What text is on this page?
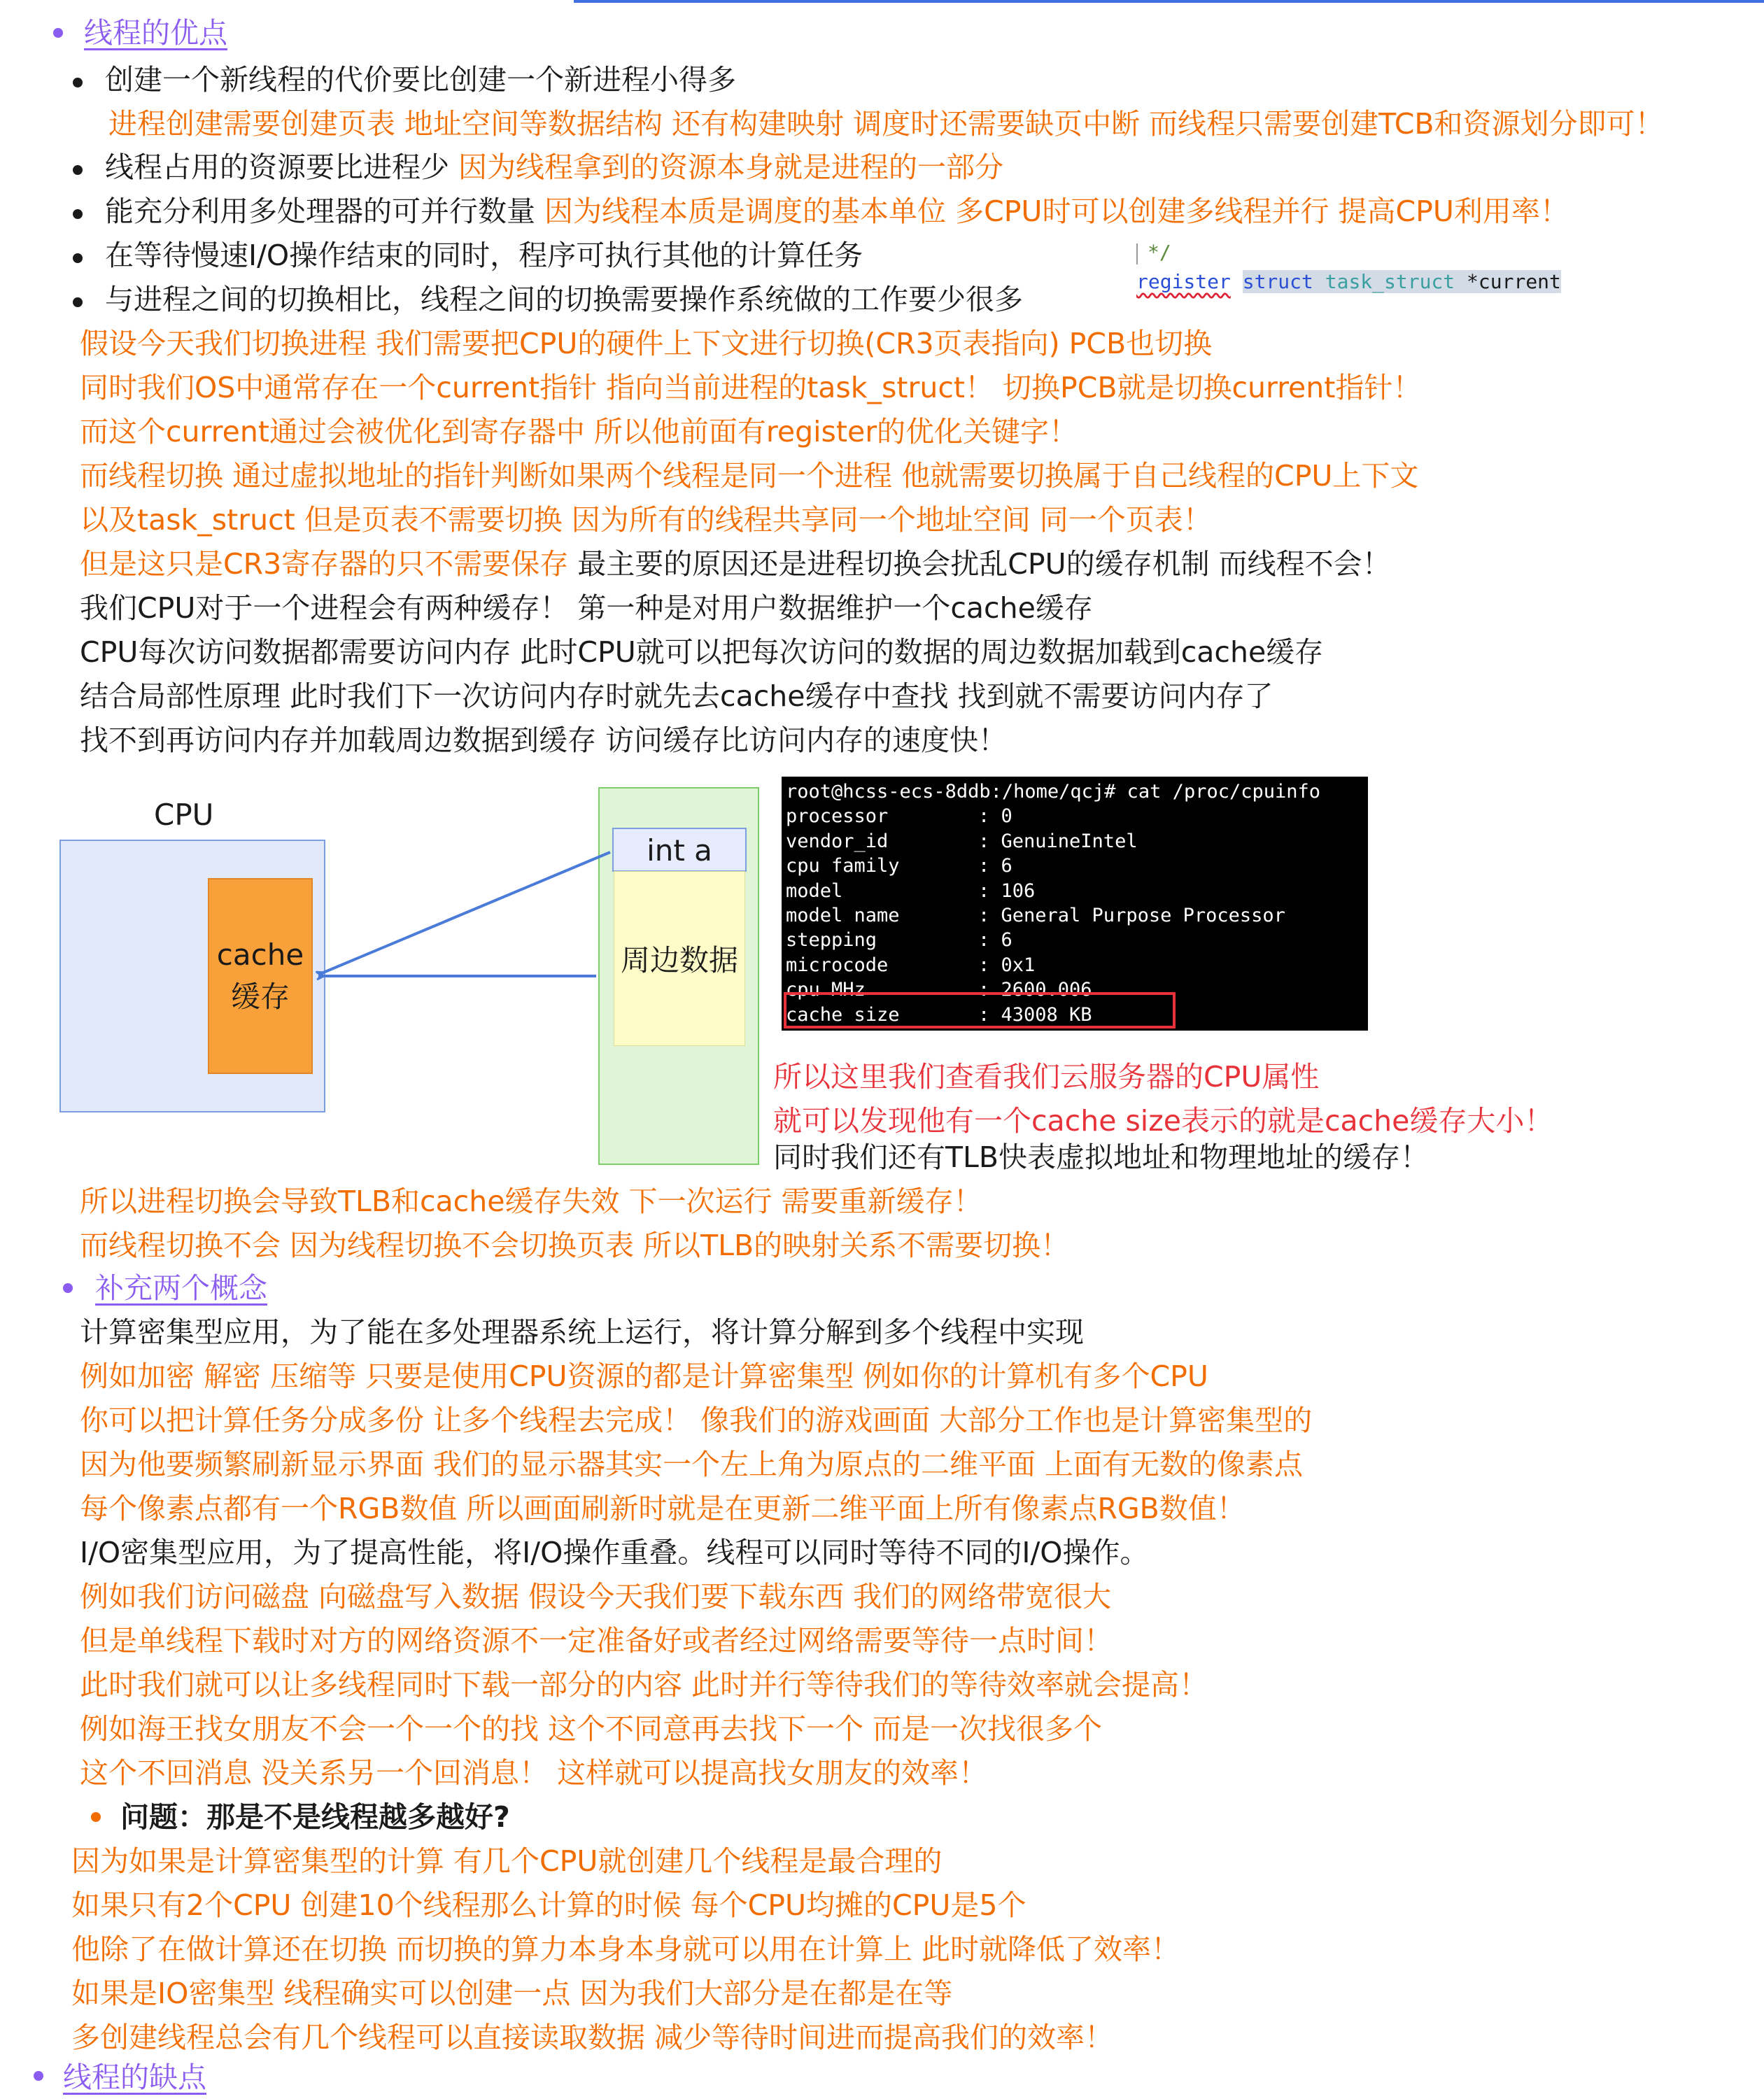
线程的优点
创建一个新线程的代价要比创建一个新进程小得多
进程创建需要创建页表 地址空间等数据结构 还有构建映射 调度时还需要缺页中断 而线程只需要创建TCB和资源划分即可！
线程占用的资源要比进程少 因为线程拿到的资源本身就是进程的一部分
能充分利用多处理器的可并行数量 因为线程本质是调度的基本单位 多CPU时可以创建多线程并行 提高CPU利用率！
在等待慢速I/O操作结束的同时，程序可执行其他的计算任务
与进程之间的切换相比，线程之间的切换需要操作系统做的工作要少很多
*/
register struct task_struct *current
假设今天我们切换进程 我们需要把CPU的硬件上下文进行切换(CR3页表指向) PCB也切换
同时我们OS中通常存在一个current指针 指向当前进程的task_struct！ 切换PCB就是切换current指针！
而这个current通过会被优化到寄存器中 所以他前面有register的优化关键字！
而线程切换 通过虚拟地址的指针判断如果两个线程是同一个进程 他就需要切换属于自己线程的CPU上下文
以及task_struct 但是页表不需要切换 因为所有的线程共享同一个地址空间 同一个页表！
但是这只是CR3寄存器的只不需要保存 最主要的原因还是进程切换会扰乱CPU的缓存机制 而线程不会！
我们CPU对于一个进程会有两种缓存！ 第一种是对用户数据维护一个cache缓存
CPU每次访问数据都需要访问内存 此时CPU就可以把每次访问的数据的周边数据加载到cache缓存
结合局部性原理 此时我们下一次访问内存时就先去cache缓存中查找 找到就不需要访问内存了
找不到再访问内存并加载周边数据到缓存 访问缓存比访问内存的速度快！
CPU
cache
缓存
int a
周边数据
root@hcss-ecs-8ddb:/home/qcj# cat /proc/cpuinfo
processor	: 0
vendor_id	: GenuineIntel
cpu family	: 6
model	: 106
model name	: General Purpose Processor
stepping	: 6
microcode	: 0x1
cpu MHz	: 2600.006
cache size	: 43008 KB
所以这里我们查看我们云服务器的CPU属性
就可以发现他有一个cache size表示的就是cache缓存大小！
同时我们还有TLB快表虚拟地址和物理地址的缓存！
所以进程切换会导致TLB和cache缓存失效 下一次运行 需要重新缓存！
而线程切换不会 因为线程切换不会切换页表 所以TLB的映射关系不需要切换！
补充两个概念
计算密集型应用，为了能在多处理器系统上运行，将计算分解到多个线程中实现
例如加密 解密 压缩等 只要是使用CPU资源的都是计算密集型 例如你的计算机有多个CPU
你可以把计算任务分成多份 让多个线程去完成！ 像我们的游戏画面 大部分工作也是计算密集型的
因为他要频繁刷新显示界面 我们的显示器其实一个左上角为原点的二维平面 上面有无数的像素点
每个像素点都有一个RGB数值 所以画面刷新时就是在更新二维平面上所有像素点RGB数值！
I/O密集型应用，为了提高性能，将I/O操作重叠。线程可以同时等待不同的I/O操作。
例如我们访问磁盘 向磁盘写入数据 假设今天我们要下载东西 我们的网络带宽很大
但是单线程下载时对方的网络资源不一定准备好或者经过网络需要等待一点时间！
此时我们就可以让多线程同时下载一部分的内容 此时并行等待我们的等待效率就会提高！
例如海王找女朋友不会一个一个的找 这个不同意再去找下一个 而是一次找很多个
这个不回消息 没关系另一个回消息！ 这样就可以提高找女朋友的效率！
问题：那是不是线程越多越好?
因为如果是计算密集型的计算 有几个CPU就创建几个线程是最合理的
如果只有2个CPU 创建10个线程那么计算的时候 每个CPU均摊的CPU是5个
他除了在做计算还在切换 而切换的算力本身本身就可以用在计算上 此时就降低了效率！
如果是IO密集型 线程确实可以创建一点 因为我们大部分是在都是在等
多创建线程总会有几个线程可以直接读取数据 减少等待时间进而提高我们的效率！
线程的缺点
